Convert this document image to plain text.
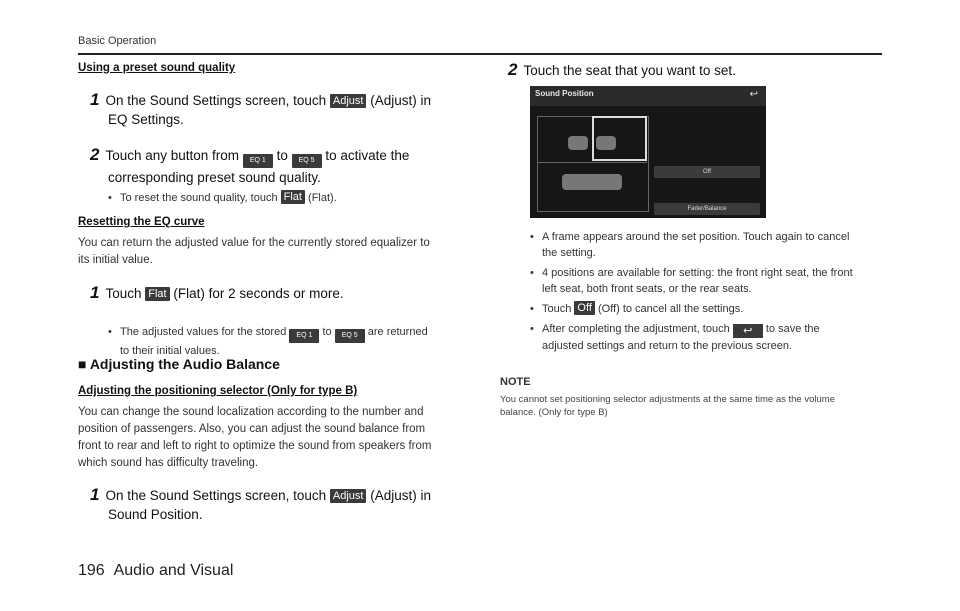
Basic Operation
Using a preset sound quality
1 On the Sound Settings screen, touch Adjust (Adjust) in
EQ Settings.
2 Touch any button from EQ 1 to EQ 5 to activate the
corresponding preset sound quality.
• To reset the sound quality, touch Flat (Flat).
Resetting the EQ curve
You can return the adjusted value for the currently stored equalizer to
its initial value.
1 Touch Flat (Flat) for 2 seconds or more.
• The adjusted values for the stored EQ 1 to EQ 5 are returned
to their initial values.
■ Adjusting the Audio Balance
Adjusting the positioning selector (Only for type B)
You can change the sound localization according to the number and
position of passengers. Also, you can adjust the sound balance from
front to rear and left to right to optimize the sound from speakers from
which sound has difficulty traveling.
1 On the Sound Settings screen, touch Adjust (Adjust) in
Sound Position.
2 Touch the seat that you want to set.
Sound Position	↩
Off
Fader/Balance
• A frame appears around the set position. Touch again to cancel
the setting.
• 4 positions are available for setting: the front right seat, the front
left seat, both front seats, or the rear seats.
• Touch Off (Off) to cancel all the settings.
• After completing the adjustment, touch ↩ to save the
adjusted settings and return to the previous screen.
NOTE
You cannot set positioning selector adjustments at the same time as the volume
balance. (Only for type B)
196 Audio and Visual
